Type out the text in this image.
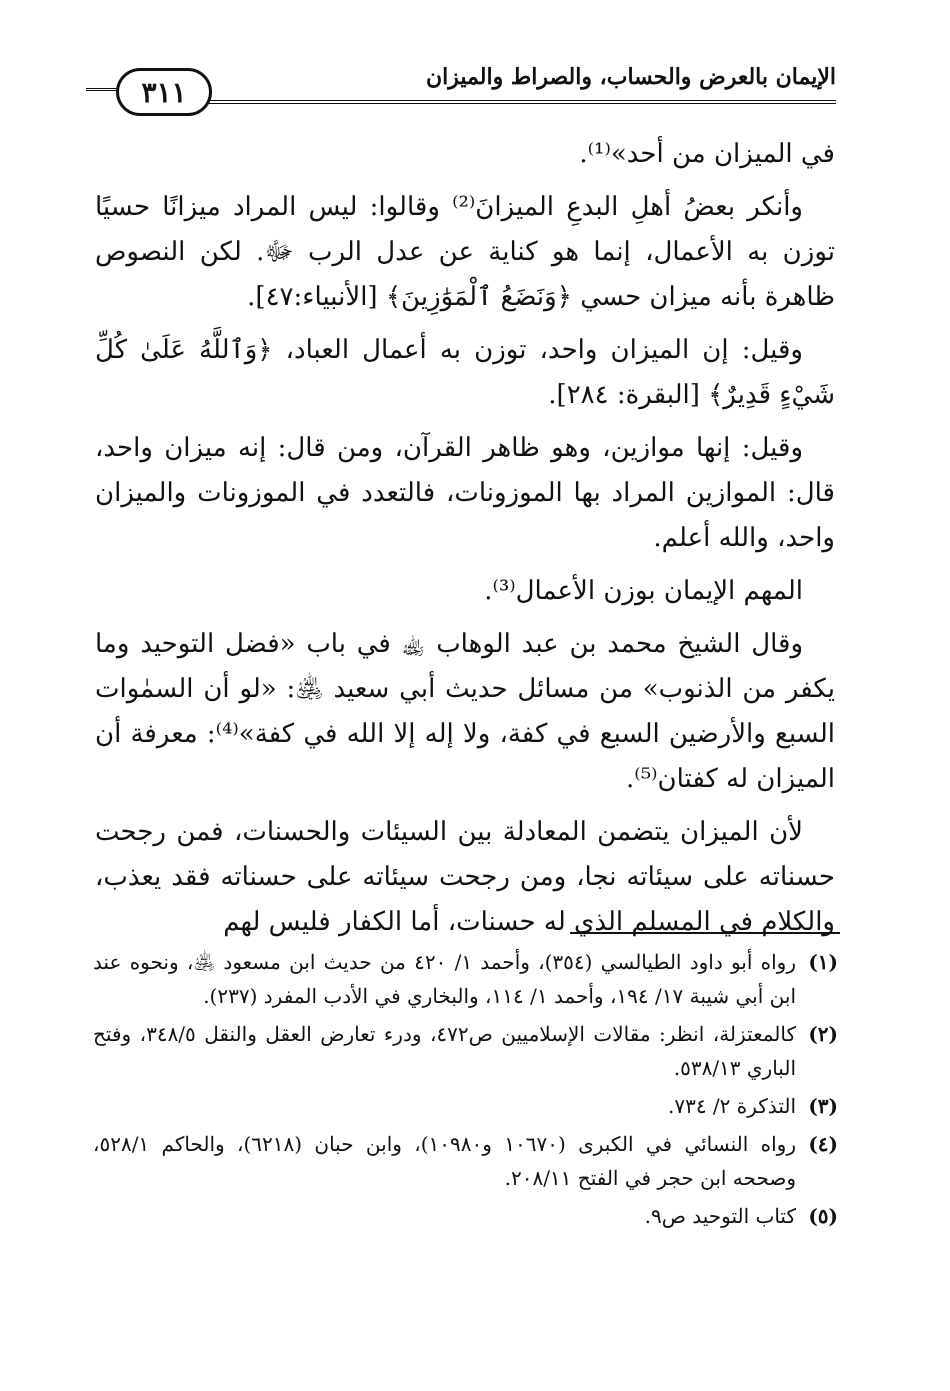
٣١١	الإيمان بالعرض والحساب، والصراط والميزان

في الميزان من أحد»⁽¹⁾.

وأنكر بعضُ أهلِ البدعِ الميزانَ⁽²⁾ وقالوا: ليس المراد ميزانًا حسيًا توزن به الأعمال، إنما هو كناية عن عدل الرب ﷻ. لكن النصوص ظاهرة بأنه ميزان حسي ﴿وَنَضَعُ ٱلْمَوَٰزِينَ﴾ [الأنبياء:٤٧].

وقيل: إن الميزان واحد، توزن به أعمال العباد، ﴿وَٱللَّهُ عَلَىٰ كُلِّ شَيْءٍ قَدِيرٌ﴾ [البقرة: ٢٨٤].

وقيل: إنها موازين، وهو ظاهر القرآن، ومن قال: إنه ميزان واحد، قال: الموازين المراد بها الموزونات، فالتعدد في الموزونات والميزان واحد، والله أعلم.

المهم الإيمان بوزن الأعمال⁽³⁾.

وقال الشيخ محمد بن عبد الوهاب ﵀ في باب «فضل التوحيد وما يكفر من الذنوب» من مسائل حديث أبي سعيد ﵁: «لو أن السمٰوات السبع والأرضين السبع في كفة، ولا إله إلا الله في كفة»⁽⁴⁾: معرفة أن الميزان له كفتان⁽⁵⁾.

لأن الميزان يتضمن المعادلة بين السيئات والحسنات، فمن رجحت حسناته على سيئاته نجا، ومن رجحت سيئاته على حسناته فقد يعذب، والكلام في المسلم الذي له حسنات، أما الكفار فليس لهم

(١)
رواه أبو داود الطيالسي (٣٥٤)، وأحمد ١/ ٤٢٠ من حديث ابن مسعود ﵁، ونحوه عند ابن أبي شيبة ١٧/ ١٩٤، وأحمد ١/ ١١٤، والبخاري في الأدب المفرد (٢٣٧).
(٢)
كالمعتزلة، انظر: مقالات الإسلاميين ص٤٧٢، ودرء تعارض العقل والنقل ٣٤٨/٥، وفتح الباري ٥٣٨/١٣.
(٣)
التذكرة ٢/ ٧٣٤.
(٤)
رواه النسائي في الكبرى (١٠٦٧٠ و١٠٩٨٠)، وابن حبان (٦٢١٨)، والحاكم ٥٢٨/١، وصححه ابن حجر في الفتح ٢٠٨/١١.
(٥)
كتاب التوحيد ص٩.
